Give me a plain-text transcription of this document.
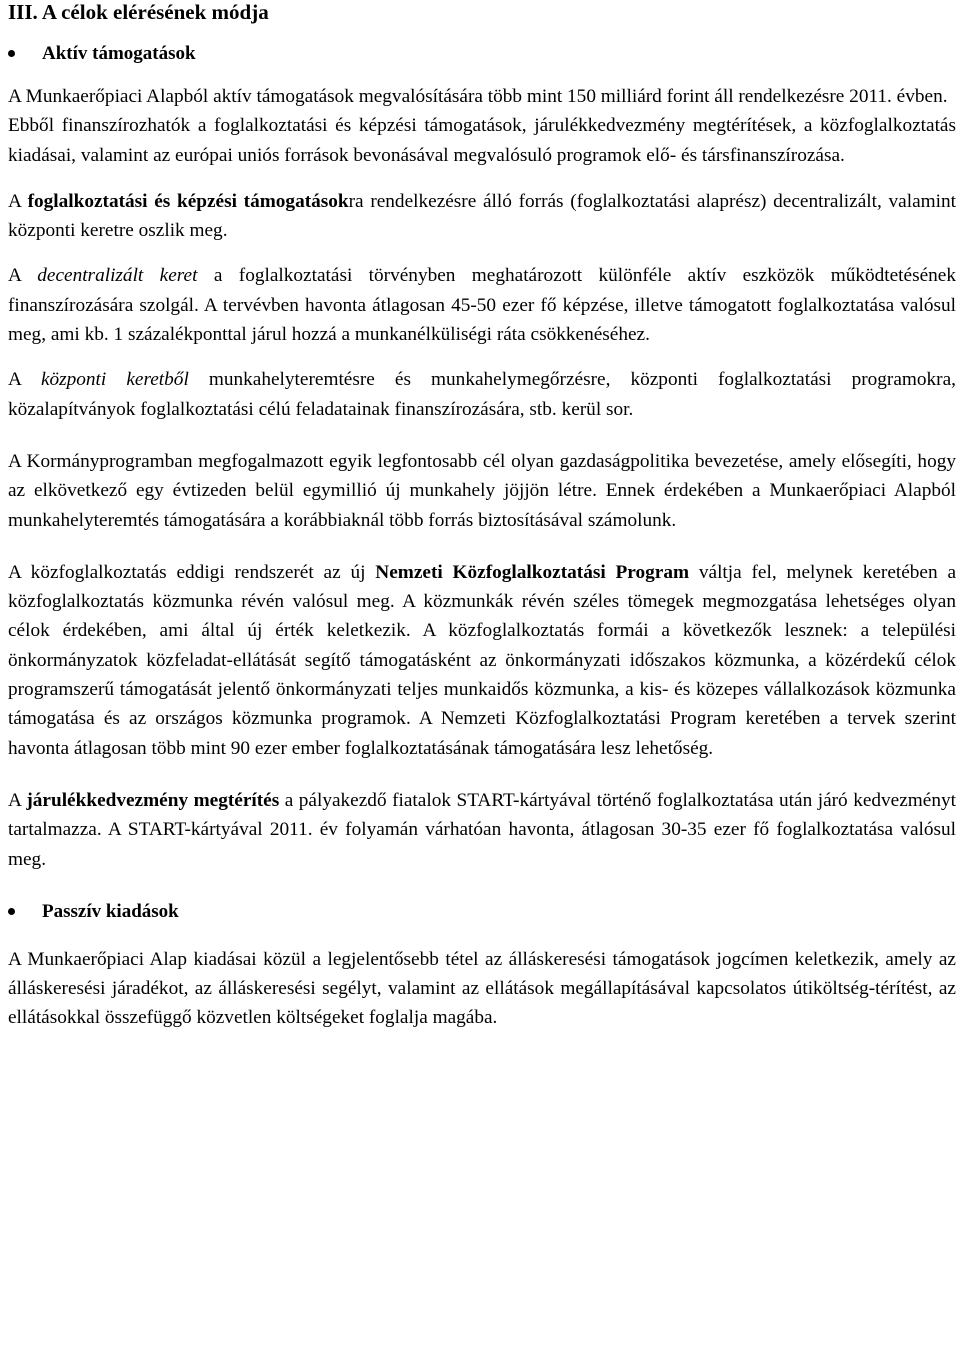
III. A célok elérésének módja
Aktív támogatások

A Munkaerőpiaci Alapból aktív támogatások megvalósítására több mint 150 milliárd forint áll rendelkezésre 2011. évben.

Ebből finanszírozhatók a foglalkoztatási és képzési támogatások, járulékkedvezmény megtérítések, a közfoglalkoztatás kiadásai, valamint az európai uniós források bevonásával megvalósuló programok elő- és társfinanszírozása.

A foglalkoztatási és képzési támogatásokra rendelkezésre álló forrás (foglalkoztatási alaprész) decentralizált, valamint központi keretre oszlik meg.

A decentralizált keret a foglalkoztatási törvényben meghatározott különféle aktív eszközök működtetésének finanszírozására szolgál. A tervévben havonta átlagosan 45-50 ezer fő képzése, illetve támogatott foglalkoztatása valósul meg, ami kb. 1 százalékponttal járul hozzá a munkanélküliségi ráta csökkenéséhez.

A központi keretből munkahelyteremtésre és munkahelymegőrzésre, központi foglalkoztatási programokra, közalapítványok foglalkoztatási célú feladatainak finanszírozására, stb. kerül sor.

A Kormányprogramban megfogalmazott egyik legfontosabb cél olyan gazdaságpolitika bevezetése, amely elősegíti, hogy az elkövetkező egy évtizeden belül egymillió új munkahely jöjjön létre. Ennek érdekében a Munkaerőpiaci Alapból munkahelyteremtés támogatására a korábbiaknál több forrás biztosításával számolunk.

A közfoglalkoztatás eddigi rendszerét az új Nemzeti Közfoglalkoztatási Program váltja fel, melynek keretében a közfoglalkoztatás közmunka révén valósul meg. A közmunkák révén széles tömegek megmozgatása lehetséges olyan célok érdekében, ami által új érték keletkezik. A közfoglalkoztatás formái a következők lesznek: a települési önkormányzatok közfeladat-ellátását segítő támogatásként az önkormányzati időszakos közmunka, a közérdekű célok programszerű támogatását jelentő önkormányzati teljes munkaidős közmunka, a kis- és közepes vállalkozások közmunka támogatása és az országos közmunka programok. A Nemzeti Közfoglalkoztatási Program keretében a tervek szerint havonta átlagosan több mint 90 ezer ember foglalkoztatásának támogatására lesz lehetőség.

A járulékkedvezmény megtérítés a pályakezdő fiatalok START-kártyával történő foglalkoztatása után járó kedvezményt tartalmazza. A START-kártyával 2011. év folyamán várhatóan havonta, átlagosan 30-35 ezer fő foglalkoztatása valósul meg.

Passzív kiadások

A Munkaerőpiaci Alap kiadásai közül a legjelentősebb tétel az álláskeresési támogatások jogcímen keletkezik, amely az álláskeresési járadékot, az álláskeresési segélyt, valamint az ellátások megállapításával kapcsolatos útiköltség-térítést, az ellátásokkal összefüggő közvetlen költségeket foglalja magába.
